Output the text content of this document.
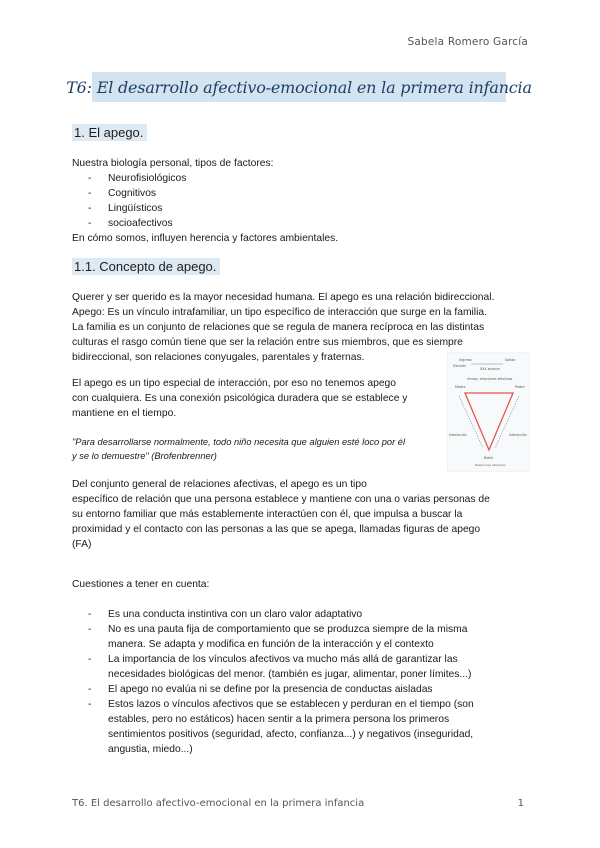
Sabela Romero García
T6: El desarrollo afectivo-emocional en la primera infancia
1. El apego.

Nuestra biología personal, tipos de factores:

- Neurofisiológicos
- Cognitivos
- Lingüísticos
- socioafectivos

En cómo somos, influyen herencia y factores ambientales.

1.1. Concepto de apego.
Querer y ser querido es la mayor necesidad humana. El apego es una relación bidireccional.
Apego: Es un vínculo intrafamiliar, un tipo específico de interacción que surge en la familia.
La familia es un conjunto de relaciones que se regula de manera recíproca en las distintas
culturas el rasgo común tiene que ser la relación entre sus miembros, que es siempre
bidireccional, son relaciones conyugales, parentales y fraternas.
El apego es un tipo especial de interacción, por eso no tenemos apego
con cualquiera. Es una conexión psicológica duradera que se establece y
mantiene en el tiempo.
"Para desarrollarse normalmente, todo niño necesita que alguien esté loco por él
y se lo demuestre" (Brofenbrenner)
Del conjunto general de relaciones afectivas, el apego es un tipo
específico de relación que una persona establece y mantiene con una o varias personas de
su entorno familiar que más establemente interactúen con él, que impulsa a buscar la
proximidad y el contacto con las personas a las que se apega, llamadas figuras de apego
(FA)

Cuestiones a tener en cuenta:

- Es una conducta instintiva con un claro valor adaptativo
- No es una pauta fija de comportamiento que se produzca siempre de la misma
manera. Se adapta y modifica en función de la interacción y el contexto
- La importancia de los vínculos afectivos va mucho más allá de garantizar las
necesidades biológicas del menor. (también es jugar, alimentar, poner límites...)
- El apego no evalúa ni se define por la presencia de conductas aisladas
- Estos lazos o vínculos afectivos que se establecen y perduran en el tiempo (son
estables, pero no estáticos) hacen sentir a la primera persona los primeros
sentimientos positivos (seguridad, afecto, confianza...) y negativos (inseguridad,
angustia, miedo...)
Ingreso	Salida
Elección
XXX alcance
ritmos, relaciones afectivas
Madre	Padre
Interacción	Interacción
Bebé
Relaciones afectivas
T6. El desarrollo afectivo-emocional en la primera infancia	1
